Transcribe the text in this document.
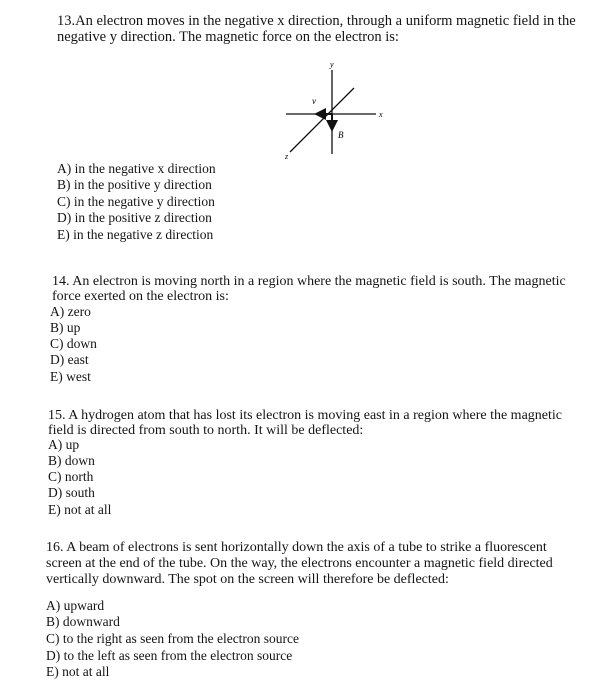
13.An electron moves in the negative x direction, through a uniform magnetic field in the
negative y direction. The magnetic force on the electron is:
y
x
z
v
B
A) in the negative x direction
B) in the positive y direction
C) in the negative y direction
D) in the positive z direction
E) in the negative z direction
14. An electron is moving north in a region where the magnetic field is south. The magnetic
force exerted on the electron is:
A) zero
B) up
C) down
D) east
E) west
15. A hydrogen atom that has lost its electron is moving east in a region where the magnetic
field is directed from south to north. It will be deflected:
A) up
B) down
C) north
D) south
E) not at all
16. A beam of electrons is sent horizontally down the axis of a tube to strike a fluorescent
screen at the end of the tube. On the way, the electrons encounter a magnetic field directed
vertically downward. The spot on the screen will therefore be deflected:
A) upward
B) downward
C) to the right as seen from the electron source
D) to the left as seen from the electron source
E) not at all
